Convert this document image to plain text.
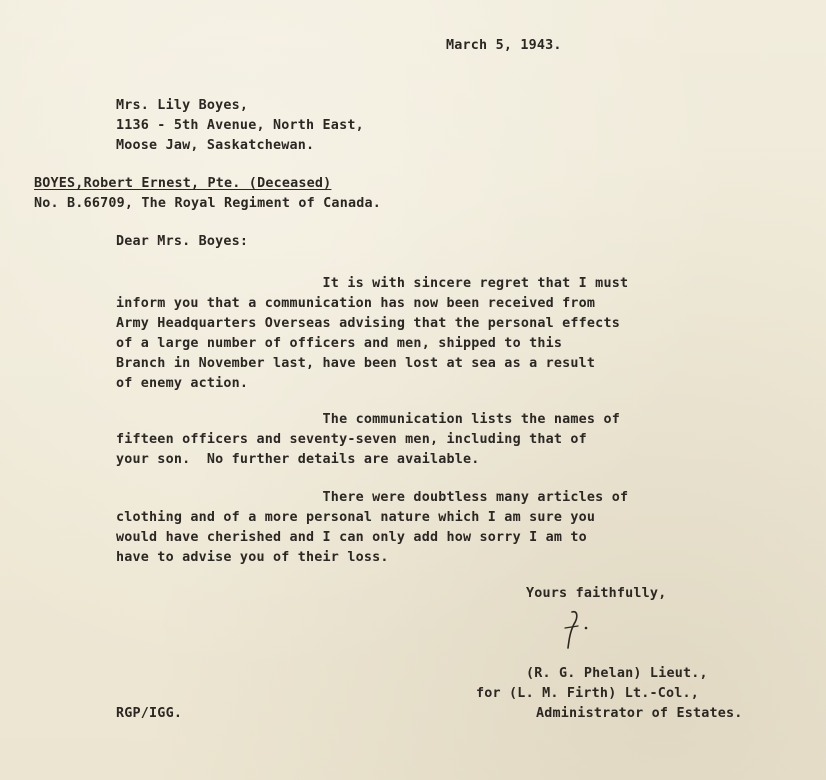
March 5, 1943.
Mrs. Lily Boyes,
1136 - 5th Avenue, North East,
Moose Jaw, Saskatchewan.
BOYES,Robert Ernest, Pte. (Deceased)
No. B.66709, The Royal Regiment of Canada.
Dear Mrs. Boyes:
It is with sincere regret that I must
inform you that a communication has now been received from
Army Headquarters Overseas advising that the personal effects
of a large number of officers and men, shipped to this
Branch in November last, have been lost at sea as a result
of enemy action.
The communication lists the names of
fifteen officers and seventy-seven men, including that of
your son.  No further details are available.
There were doubtless many articles of
clothing and of a more personal nature which I am sure you
would have cherished and I can only add how sorry I am to
have to advise you of their loss.
Yours faithfully,
(R. G. Phelan) Lieut.,
for (L. M. Firth) Lt.-Col.,
RGP/IGG.	Administrator of Estates.
